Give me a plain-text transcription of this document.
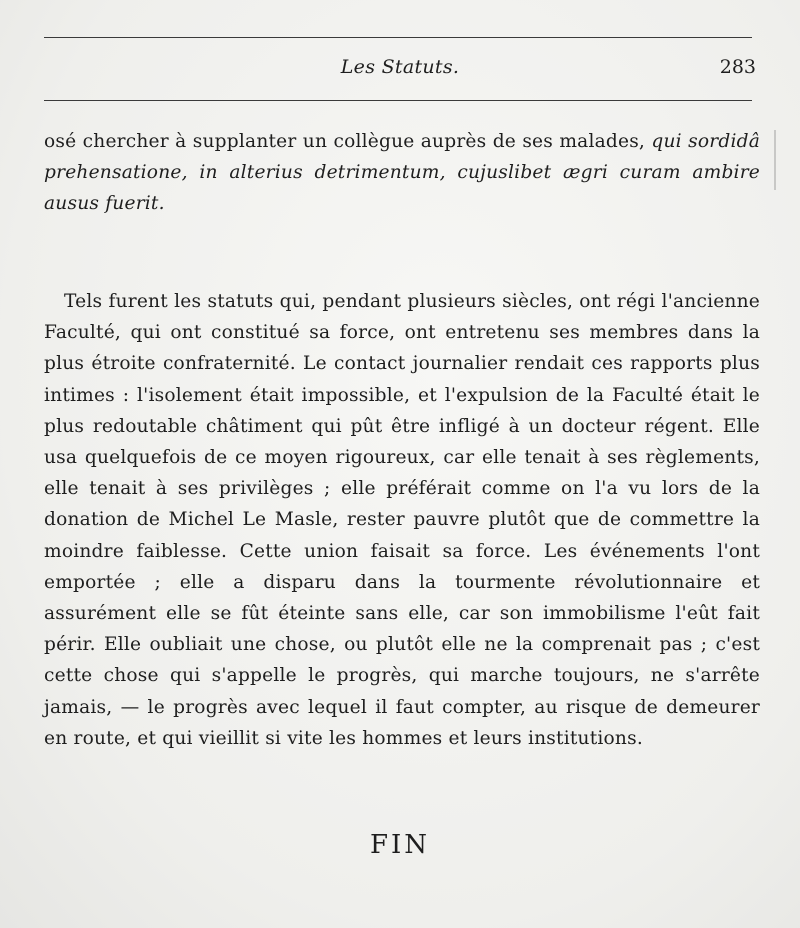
Les Statuts.	283
osé chercher à supplanter un collègue auprès de ses malades, qui sordidâ prehensatione, in alterius detrimentum, cujuslibet ægri curam ambire ausus fuerit.
Tels furent les statuts qui, pendant plusieurs siècles, ont régi l'ancienne Faculté, qui ont constitué sa force, ont entretenu ses membres dans la plus étroite confraternité. Le contact journalier rendait ces rapports plus intimes : l'isolement était impossible, et l'expulsion de la Faculté était le plus redoutable châtiment qui pût être infligé à un docteur régent. Elle usa quelquefois de ce moyen rigoureux, car elle tenait à ses règlements, elle tenait à ses privilèges ; elle préférait comme on l'a vu lors de la donation de Michel Le Masle, rester pauvre plutôt que de commettre la moindre faiblesse. Cette union faisait sa force. Les événements l'ont emportée ; elle a disparu dans la tourmente révolutionnaire et assurément elle se fût éteinte sans elle, car son immobilisme l'eût fait périr. Elle oubliait une chose, ou plutôt elle ne la comprenait pas ; c'est cette chose qui s'appelle le progrès, qui marche toujours, ne s'arrête jamais, — le progrès avec lequel il faut compter, au risque de demeurer en route, et qui vieillit si vite les hommes et leurs institutions.
FIN
